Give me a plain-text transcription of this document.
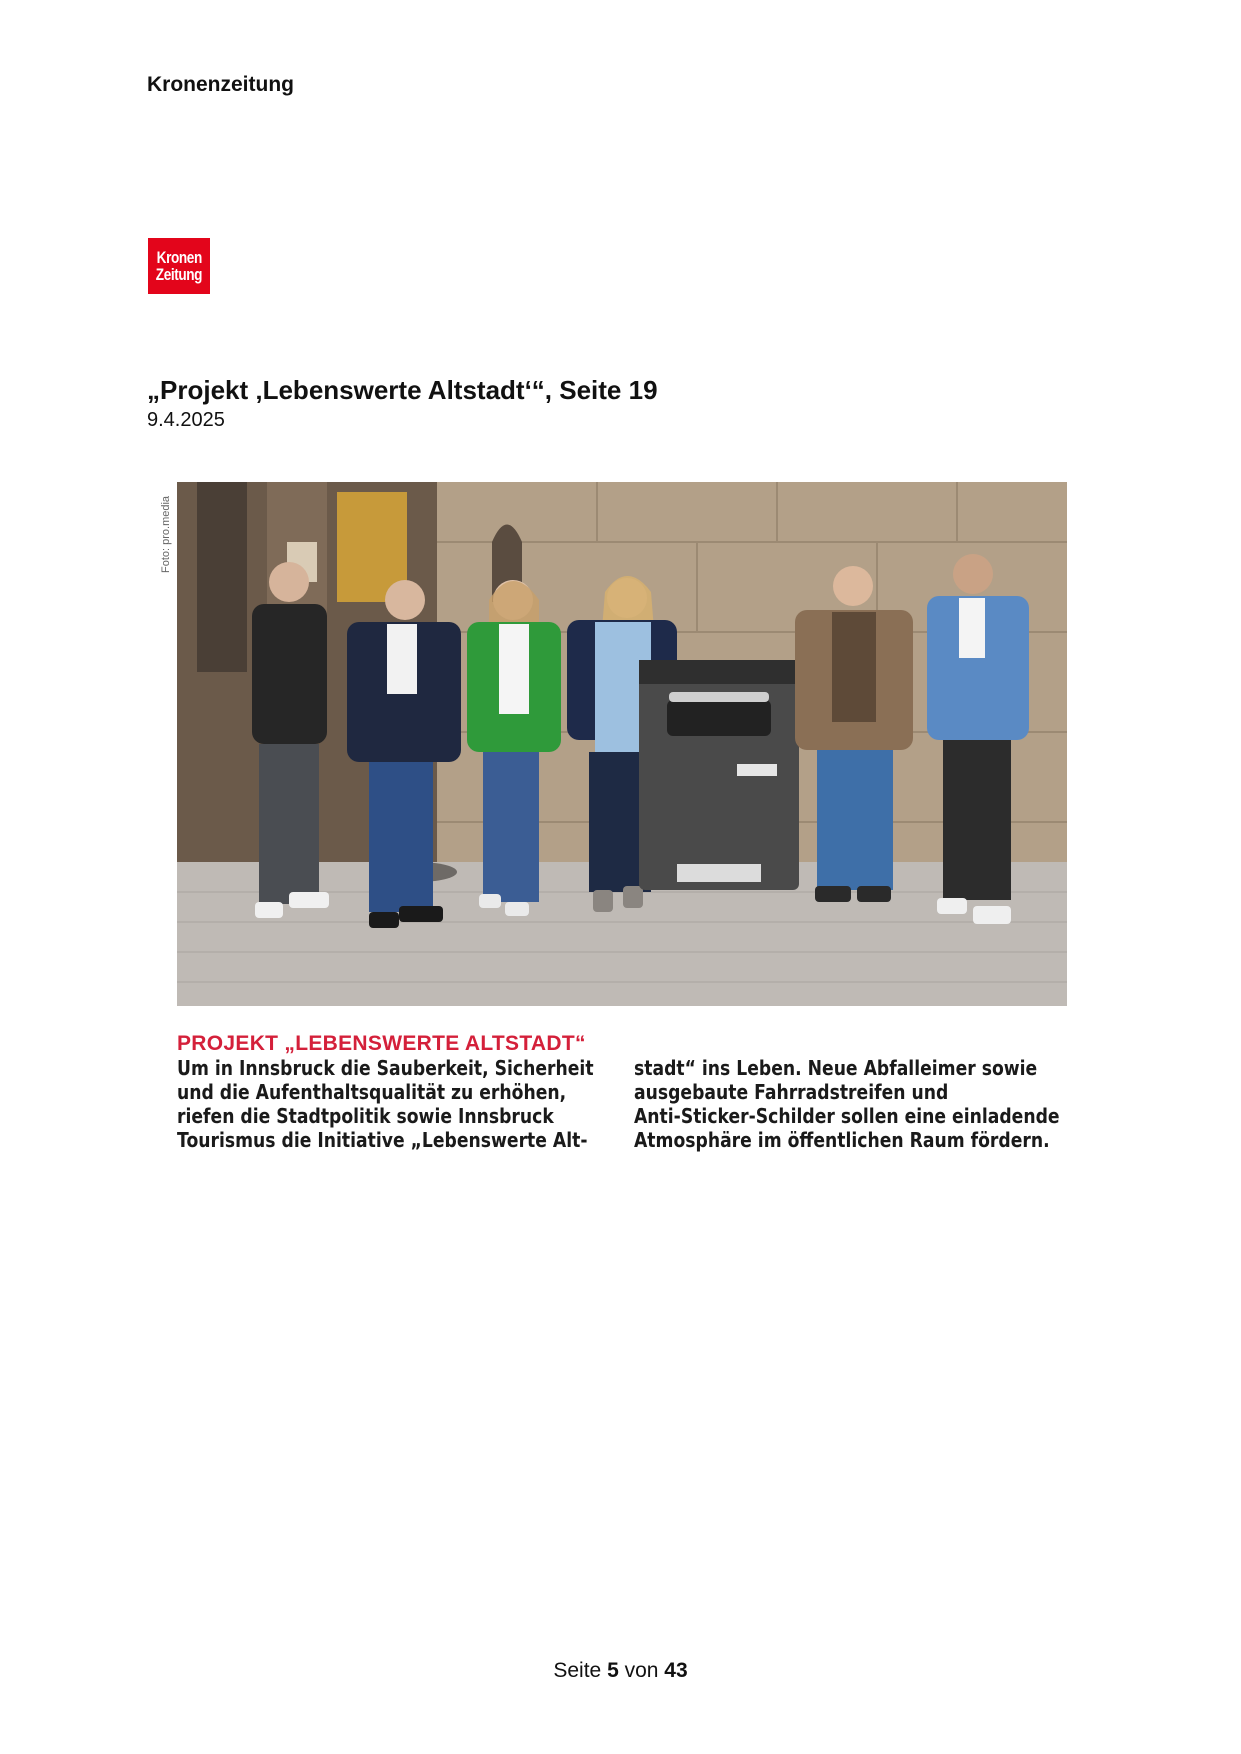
Kronenzeitung
Kronen
Zeitung
„Projekt ‚Lebenswerte Altstadt‘“, Seite 19
9.4.2025
Foto: pro.media
PROJEKT „LEBENSWERTE ALTSTADT“
Um in Innsbruck die Sauberkeit, Sicherheit
und die Aufenthaltsqualität zu erhöhen,
riefen die Stadtpolitik sowie Innsbruck
Tourismus die Initiative „Lebenswerte Alt-
stadt“ ins Leben. Neue Abfalleimer sowie
ausgebaute Fahrradstreifen und
Anti-Sticker-Schilder sollen eine einladende
Atmosphäre im öffentlichen Raum fördern.
Seite 5 von 43
